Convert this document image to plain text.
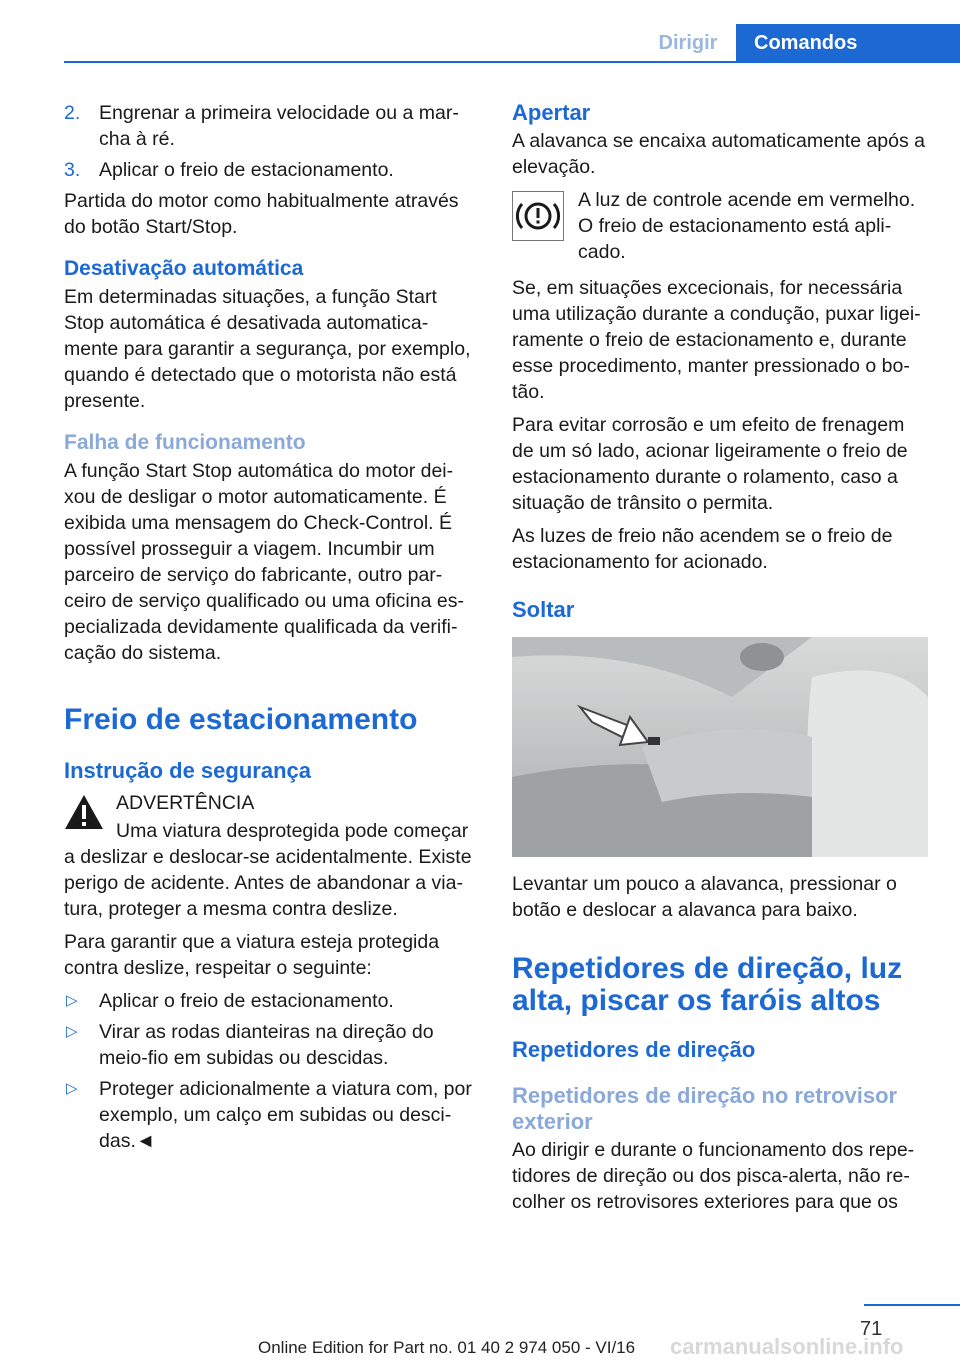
Dirigir	Comandos
2. Engrenar a primeira velocidade ou a mar-cha à ré.
3. Aplicar o freio de estacionamento.

Partida do motor como habitualmente através do botão Start/Stop.

Desativação automática

Em determinadas situações, a função Start Stop automática é desativada automatica-mente para garantir a segurança, por exemplo, quando é detectado que o motorista não está presente.

Falha de funcionamento

A função Start Stop automática do motor dei-xou de desligar o motor automaticamente. É exibida uma mensagem do Check-Control. É possível prosseguir a viagem. Incumbir um parceiro de serviço do fabricante, outro par-ceiro de serviço qualificado ou uma oficina es-pecializada devidamente qualificada da verifi-cação do sistema.

Freio de estacionamento
Instrução de segurança

ADVERTÊNCIA

Uma viatura desprotegida pode começar a deslizar e deslocar-se acidentalmente. Existe perigo de acidente. Antes de abandonar a via-tura, proteger a mesma contra deslize.

Para garantir que a viatura esteja protegida contra deslize, respeitar o seguinte:

▷ Aplicar o freio de estacionamento.
▷ Virar as rodas dianteiras na direção do meio-fio em subidas ou descidas.
▷ Proteger adicionalmente a viatura com, por exemplo, um calço em subidas ou desci-das.◄
Apertar

A alavanca se encaixa automaticamente após a elevação.

A luz de controle acende em vermelho. O freio de estacionamento está apli-cado.

Se, em situações excecionais, for necessária uma utilização durante a condução, puxar ligei-ramente o freio de estacionamento e, durante esse procedimento, manter pressionado o bo-tão.

Para evitar corrosão e um efeito de frenagem de um só lado, acionar ligeiramente o freio de estacionamento durante o rolamento, caso a situação de trânsito o permita.

As luzes de freio não acendem se o freio de estacionamento for acionado.

Soltar

Levantar um pouco a alavanca, pressionar o botão e deslocar a alavanca para baixo.

Repetidores de direção, luz alta, piscar os faróis altos
Repetidores de direção
Repetidores de direção no retrovisor exterior

Ao dirigir e durante o funcionamento dos repe-tidores de direção ou dos pisca-alerta, não re-colher os retrovisores exteriores para que os

71
carmanualsonline.info
Online Edition for Part no. 01 40 2 974 050 - VI/16
